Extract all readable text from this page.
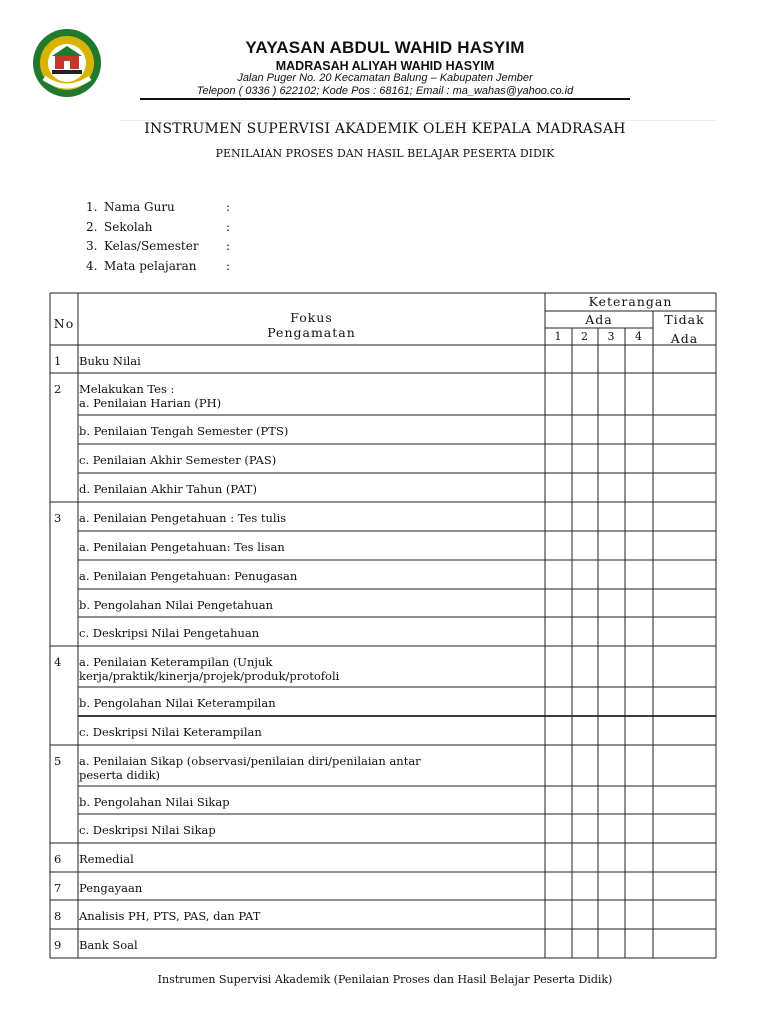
YAYASAN ABDUL WAHID HASYIM
MADRASAH ALIYAH WAHID HASYIM
Jalan Puger No. 20 Kecamatan Balung – Kabupaten Jember
Telepon ( 0336 ) 622102; Kode Pos : 68161; Email : ma_wahas@yahoo.co.id
INSTRUMEN SUPERVISI AKADEMIK OLEH KEPALA MADRASAH
PENILAIAN PROSES DAN HASIL BELAJAR PESERTA DIDIK
1. Nama Guru	:
2. Sekolah	:
3. Kelas/Semester	:
4. Mata pelajaran	:
No	Fokus
Pengamatan
Keterangan
Ada	Tidak
Ada
1	2	3	4
1 Buku Nilai
2 Melakukan Tes :
a. Penilaian Harian (PH)
b. Penilaian Tengah Semester (PTS)
c. Penilaian Akhir Semester (PAS)
d. Penilaian Akhir Tahun (PAT)
3 a. Penilaian Pengetahuan : Tes tulis
a. Penilaian Pengetahuan: Tes lisan
a. Penilaian Pengetahuan: Penugasan
b. Pengolahan Nilai Pengetahuan
c. Deskripsi Nilai Pengetahuan
4 a. Penilaian Keterampilan (Unjuk
kerja/praktik/kinerja/projek/produk/protofoli
b. Pengolahan Nilai Keterampilan
c. Deskripsi Nilai Keterampilan
5 a. Penilaian Sikap (observasi/penilaian diri/penilaian antar
peserta didik)
b. Pengolahan Nilai Sikap
c. Deskripsi Nilai Sikap
6 Remedial
7 Pengayaan
8 Analisis PH, PTS, PAS, dan PAT
9 Bank Soal
Instrumen Supervisi Akademik (Penilaian Proses dan Hasil Belajar Peserta Didik)
